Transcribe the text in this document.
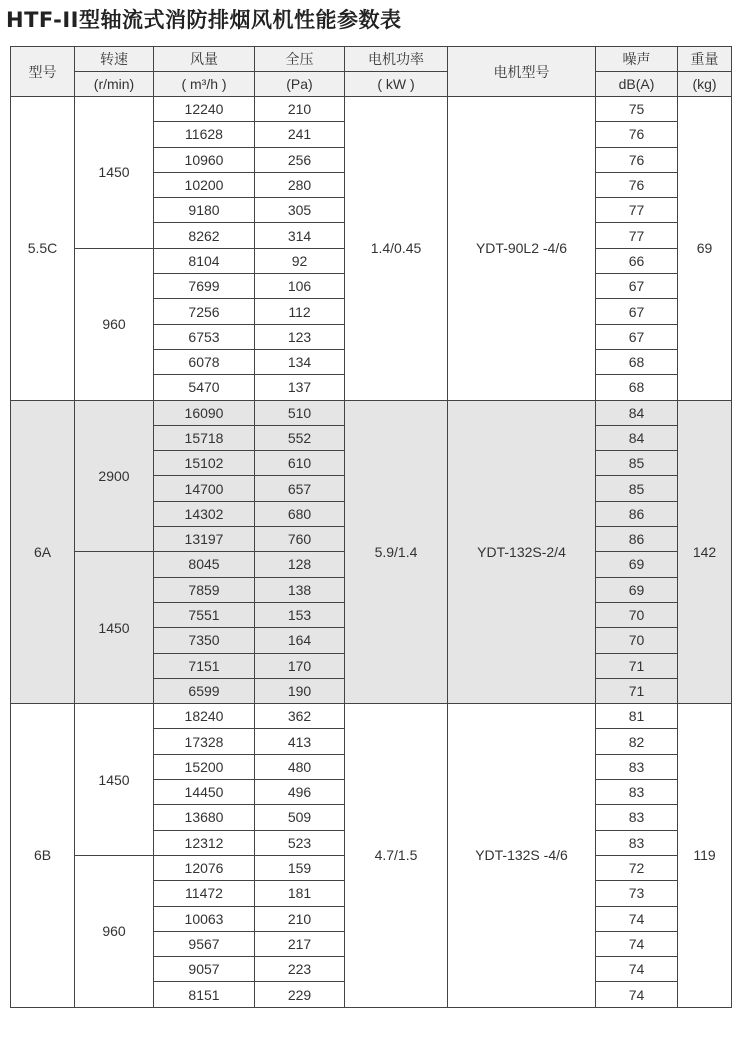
HTF-II型轴流式消防排烟风机性能参数表
型号	转速	风量	全压	电机功率	电机型号	噪声	重量
	(r/min)	( m³/h )	(Pa)	( kW )		dB(A)	(kg)
5.5C	1450	12240	210	1.4/0.45	YDT-90L2 -4/6	75	69
		11628	241			76	
		10960	256			76	
		10200	280			76	
		9180	305			77	
		8262	314			77	
	960	8104	92			66	
		7699	106			67	
		7256	112			67	
		6753	123			67	
		6078	134			68	
		5470	137			68	
6A	2900	16090	510	5.9/1.4	YDT-132S-2/4	84	142
		15718	552			84	
		15102	610			85	
		14700	657			85	
		14302	680			86	
		13197	760			86	
	1450	8045	128			69	
		7859	138			69	
		7551	153			70	
		7350	164			70	
		7151	170			71	
		6599	190			71	
6B	1450	18240	362	4.7/1.5	YDT-132S -4/6	81	119
		17328	413			82	
		15200	480			83	
		14450	496			83	
		13680	509			83	
		12312	523			83	
	960	12076	159			72	
		11472	181			73	
		10063	210			74	
		9567	217			74	
		9057	223			74	
		8151	229			74	
